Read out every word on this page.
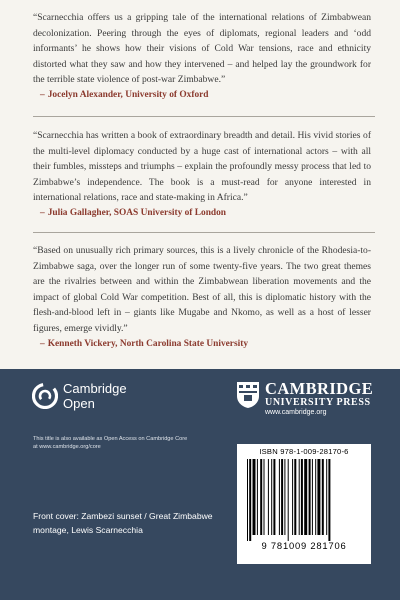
“Scarnecchia offers us a gripping tale of the international relations of Zimbabwean decolonization. Peering through the eyes of diplomats, regional leaders and ‘odd informants’ he shows how their visions of Cold War tensions, race and ethnicity distorted what they saw and how they intervened – and helped lay the groundwork for the terrible state violence of post-war Zimbabwe.”

– Jocelyn Alexander, University of Oxford

“Scarnecchia has written a book of extraordinary breadth and detail. His vivid stories of the multi-level diplomacy conducted by a huge cast of international actors – with all their fumbles, missteps and triumphs – explain the profoundly messy process that led to Zimbabwe’s independence. The book is a must-read for anyone interested in international relations, race and state-making in Africa.”

– Julia Gallagher, SOAS University of London

“Based on unusually rich primary sources, this is a lively chronicle of the Rhodesia-to-Zimbabwe saga, over the longer run of some twenty-five years. The two great themes are the rivalries between and within the Zimbabwean liberation movements and the impact of global Cold War competition. Best of all, this is diplomatic history with the flesh-and-blood left in – giants like Mugabe and Nkomo, as well as a host of lesser figures, emerge vividly.”

– Kenneth Vickery, North Carolina State University

Cambridge
Open
This title is also available as Open Access on Cambridge Core at www.cambridge.org/core
Front cover: Zambezi sunset / Great Zimbabwe montage, Lewis Scarnecchia
CAMBRIDGE
UNIVERSITY PRESS
www.cambridge.org
ISBN 978-1-009-28170-6
9 781009 281706
